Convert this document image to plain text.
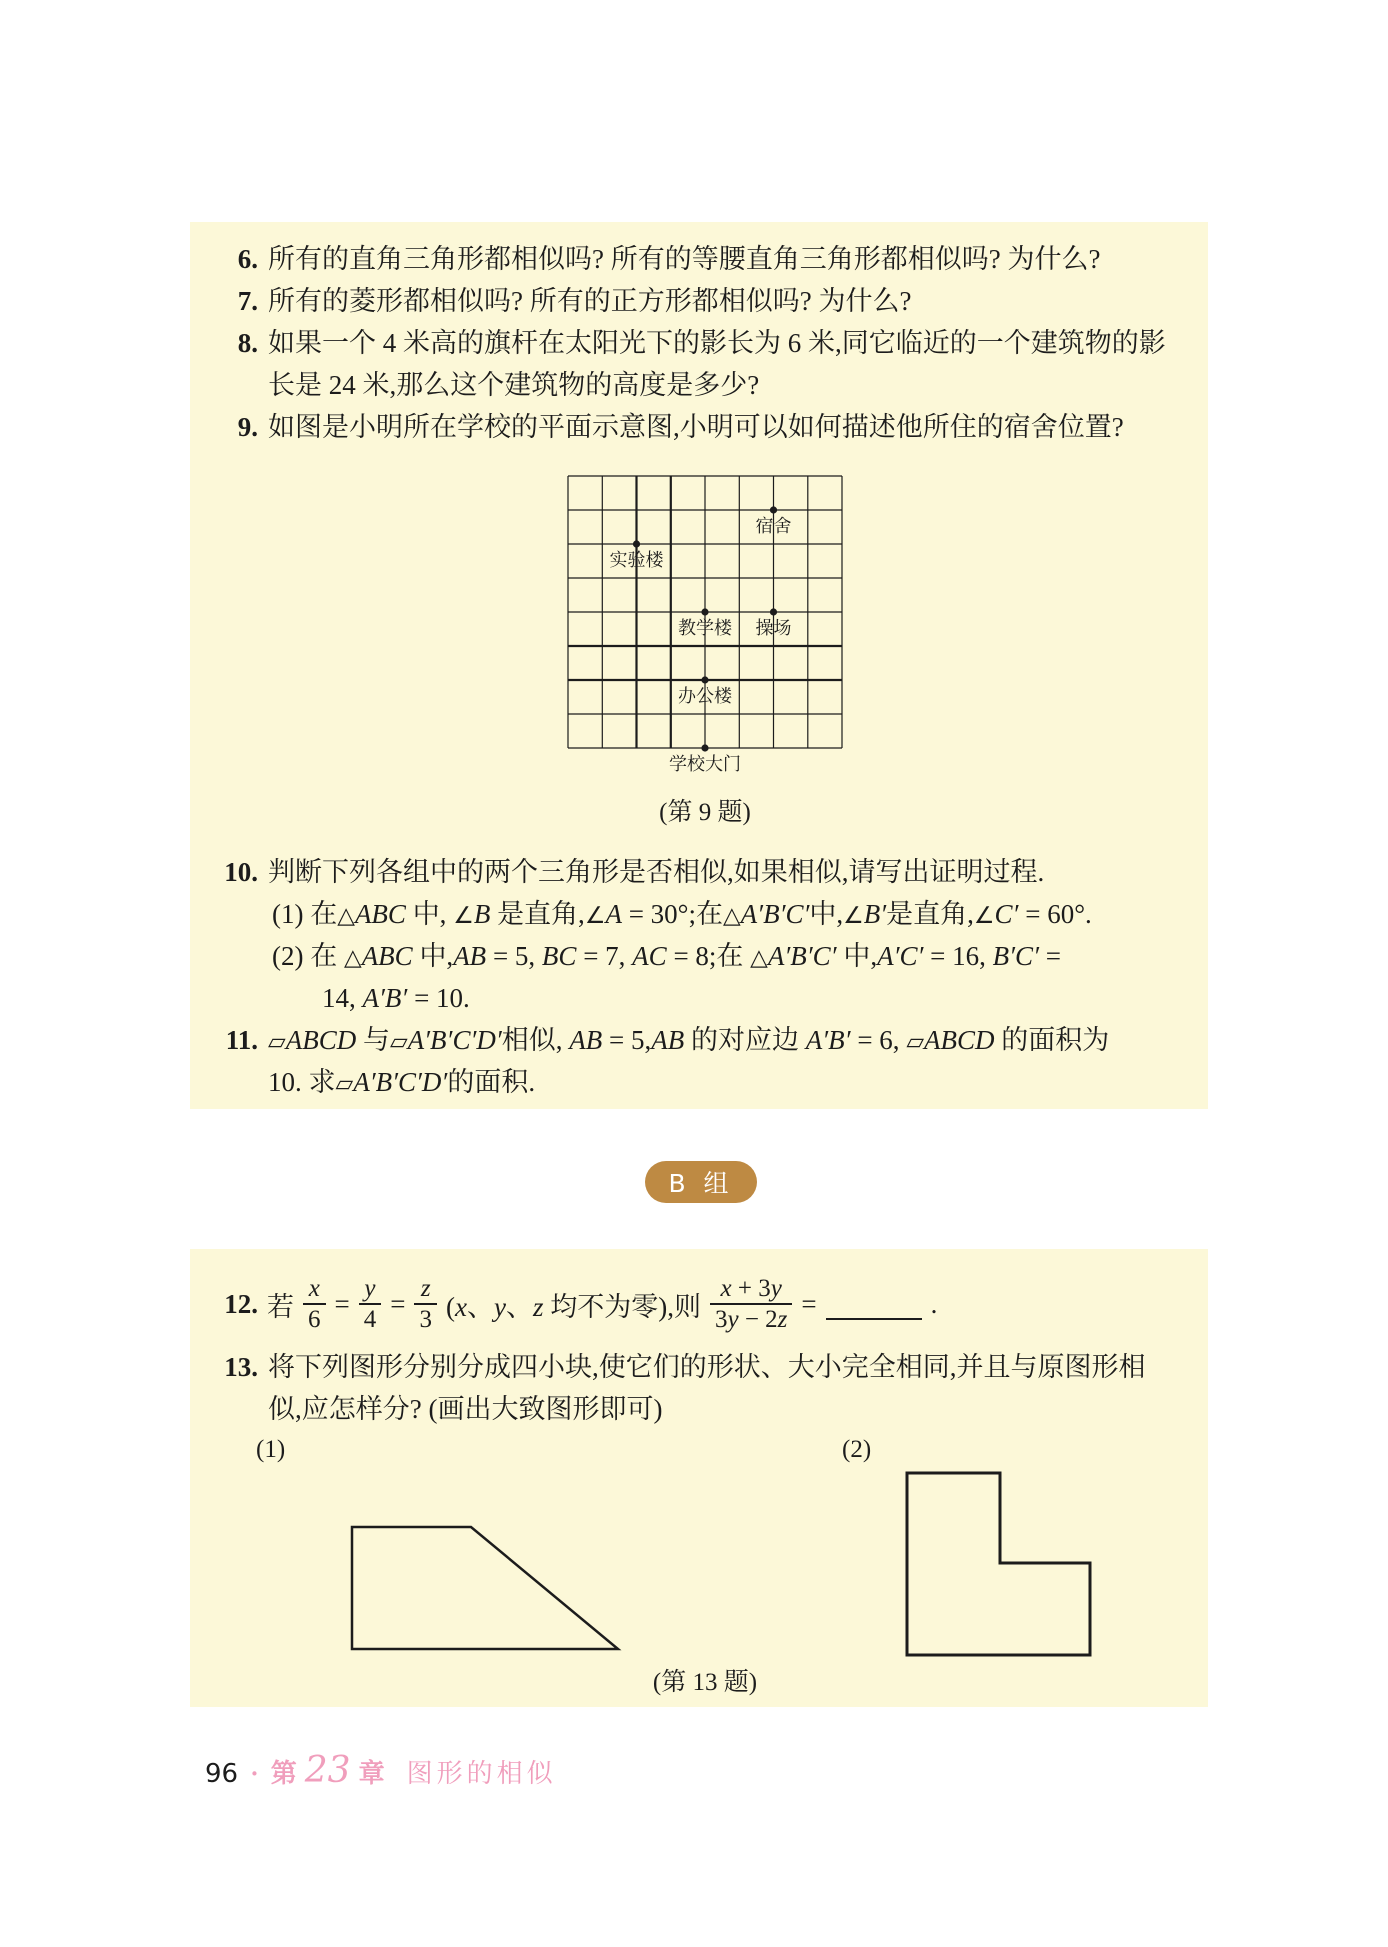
6. 所有的直角三角形都相似吗? 所有的等腰直角三角形都相似吗? 为什么?
7. 所有的菱形都相似吗? 所有的正方形都相似吗? 为什么?
8. 如果一个 4 米高的旗杆在太阳光下的影长为 6 米,同它临近的一个建筑物的影
长是 24 米,那么这个建筑物的高度是多少?
9. 如图是小明所在学校的平面示意图,小明可以如何描述他所住的宿舍位置?
宿舍
实验楼
教学楼 操场
办公楼
学校大门
(第 9 题)
10. 判断下列各组中的两个三角形是否相似,如果相似,请写出证明过程.
(1) 在△ABC 中, ∠B 是直角,∠A = 30°;在△A′B′C′中,∠B′是直角,∠C′ = 60°.
(2) 在 △ABC 中,AB = 5, BC = 7, AC = 8;在 △A′B′C′ 中,A′C′ = 16, B′C′ =
14, A′B′ = 10.
11. ▱ABCD 与▱A′B′C′D′相似, AB = 5,AB 的对应边 A′B′ = 6, ▱ABCD 的面积为
10. 求▱A′B′C′D′的面积.
B 组
12. 若 $\frac{x}{6} = \frac{y}{4} = \frac{z}{3} (x$、y、z 均不为零),则 $\frac{x + 3y}{3y - 2z}$ =	.
13. 将下列图形分别分成四小块,使它们的形状、大小完全相同,并且与原图形相
似,应怎样分? (画出大致图形即可)
(1)	(2)
(第 13 题)
96 · 第 23 章 图形的相似
